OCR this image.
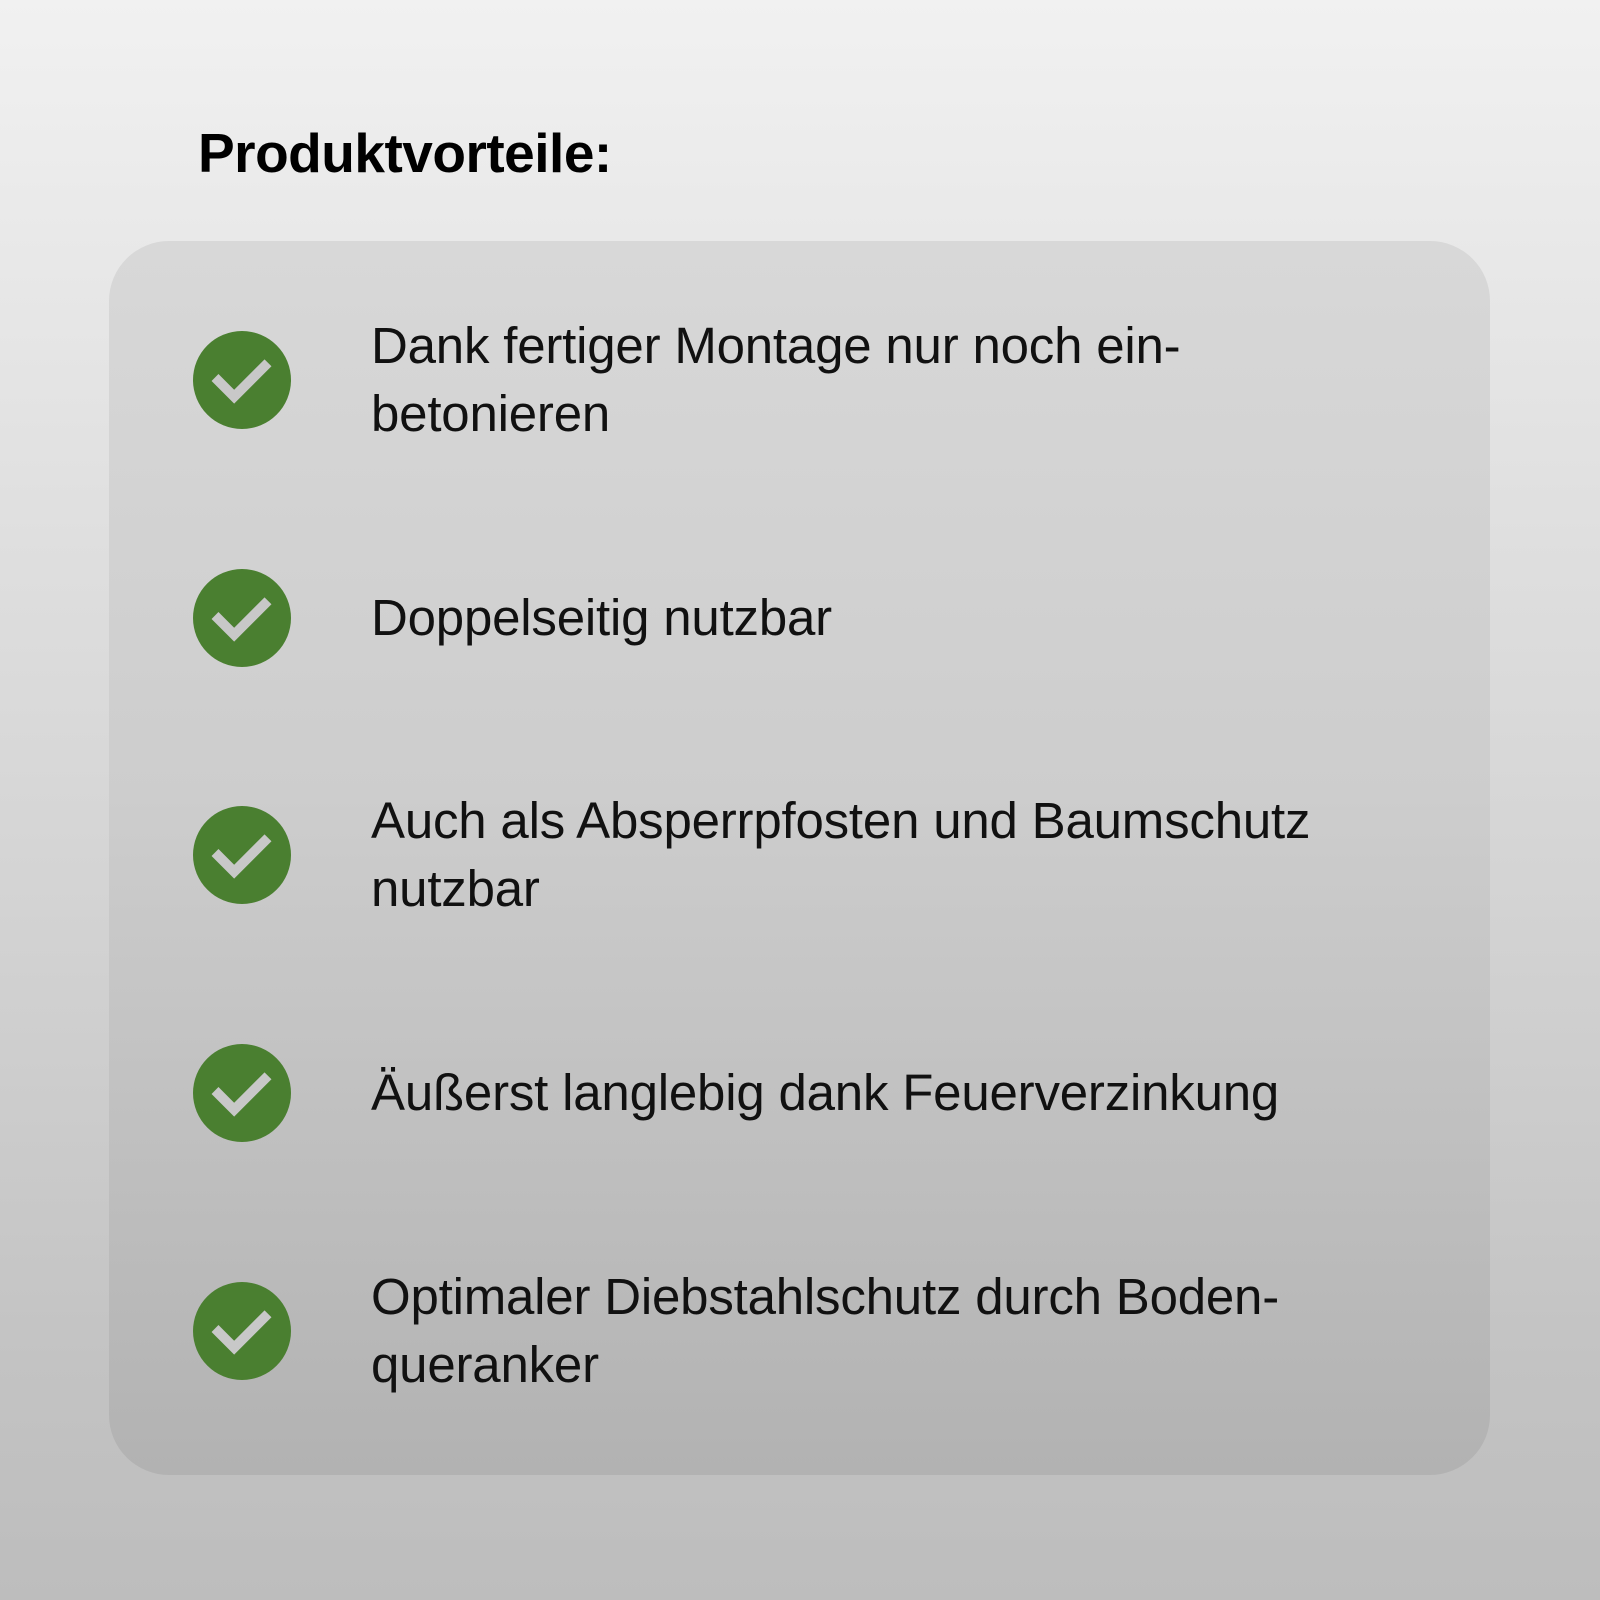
Produktvorteile:
Dank fertiger Montage nur noch ein-
betonieren
Doppelseitig nutzbar
Auch als Absperrpfosten und Baumschutz nutzbar
Äußerst langlebig dank Feuerverzinkung
Optimaler Diebstahlschutz durch Boden-
queranker
